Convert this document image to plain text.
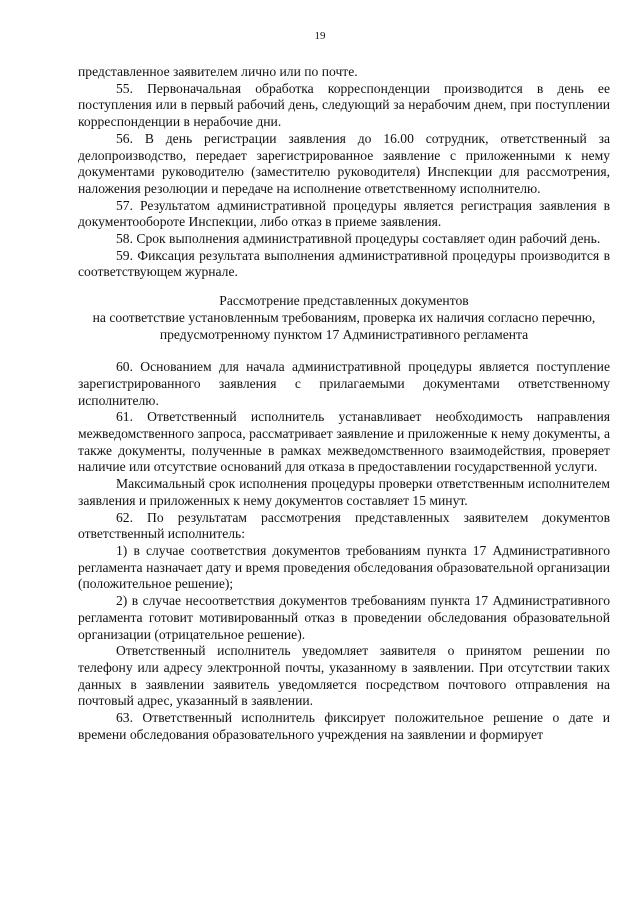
19

представленное заявителем лично или по почте.

55. Первоначальная обработка корреспонденции производится в день ее поступления или в первый рабочий день, следующий за нерабочим днем, при поступлении корреспонденции в нерабочие дни.

56. В день регистрации заявления до 16.00 сотрудник, ответственный за делопроизводство, передает зарегистрированное заявление с приложенными к нему документами руководителю (заместителю руководителя) Инспекции для рассмотрения, наложения резолюции и передаче на исполнение ответственному исполнителю.

57. Результатом административной процедуры является регистрация заявления в документообороте Инспекции, либо отказ в приеме заявления.

58. Срок выполнения административной процедуры составляет один рабочий день.

59. Фиксация результата выполнения административной процедуры производится в соответствующем журнале.

Рассмотрение представленных документов
на соответствие установленным требованиям, проверка их наличия согласно перечню, предусмотренному пунктом 17 Административного регламента

60. Основанием для начала административной процедуры является поступление зарегистрированного заявления с прилагаемыми документами ответственному исполнителю.

61. Ответственный исполнитель устанавливает необходимость направления межведомственного запроса, рассматривает заявление и приложенные к нему документы, а также документы, полученные в рамках межведомственного взаимодействия, проверяет наличие или отсутствие оснований для отказа в предоставлении государственной услуги.

Максимальный срок исполнения процедуры проверки ответственным исполнителем заявления и приложенных к нему документов составляет 15 минут.

62. По результатам рассмотрения представленных заявителем документов ответственный исполнитель:

1) в случае соответствия документов требованиям пункта 17 Административного регламента назначает дату и время проведения обследования образовательной организации (положительное решение);

2) в случае несоответствия документов требованиям пункта 17 Административного регламента готовит мотивированный отказ в проведении обследования образовательной организации (отрицательное решение).

Ответственный исполнитель уведомляет заявителя о принятом решении по телефону или адресу электронной почты, указанному в заявлении. При отсутствии таких данных в заявлении заявитель уведомляется посредством почтового отправления на почтовый адрес, указанный в заявлении.

63. Ответственный исполнитель фиксирует положительное решение о дате и времени обследования образовательного учреждения на заявлении и формирует
